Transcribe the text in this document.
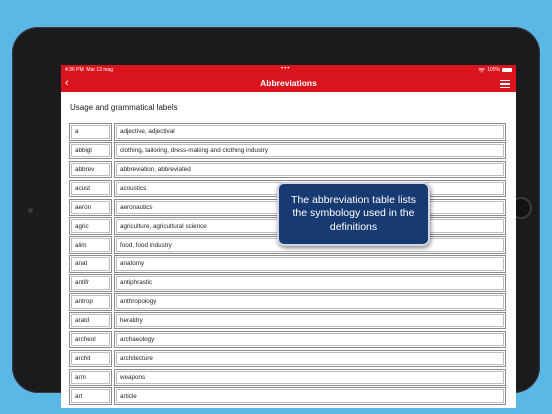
4:36 PM Mar 13 mag	•••	100%
‹	Abbreviations
Usage and grammatical labels
a	adjective, adjectival
abbigl	clothing, tailoring, dress-making and clothing industry
abbrev	abbreviation, abbreviated
acust	acoustics
aeron	aeronautics
agric	agriculture, agricultural science
alim	food, food industry
anat	anatomy
antifr	antiphrastic
antrop	anthropology
arald	heraldry
archeol	archaeology
archit	architecture
arm	weapons
art	article
The abbreviation table lists the symbology used in the definitions
